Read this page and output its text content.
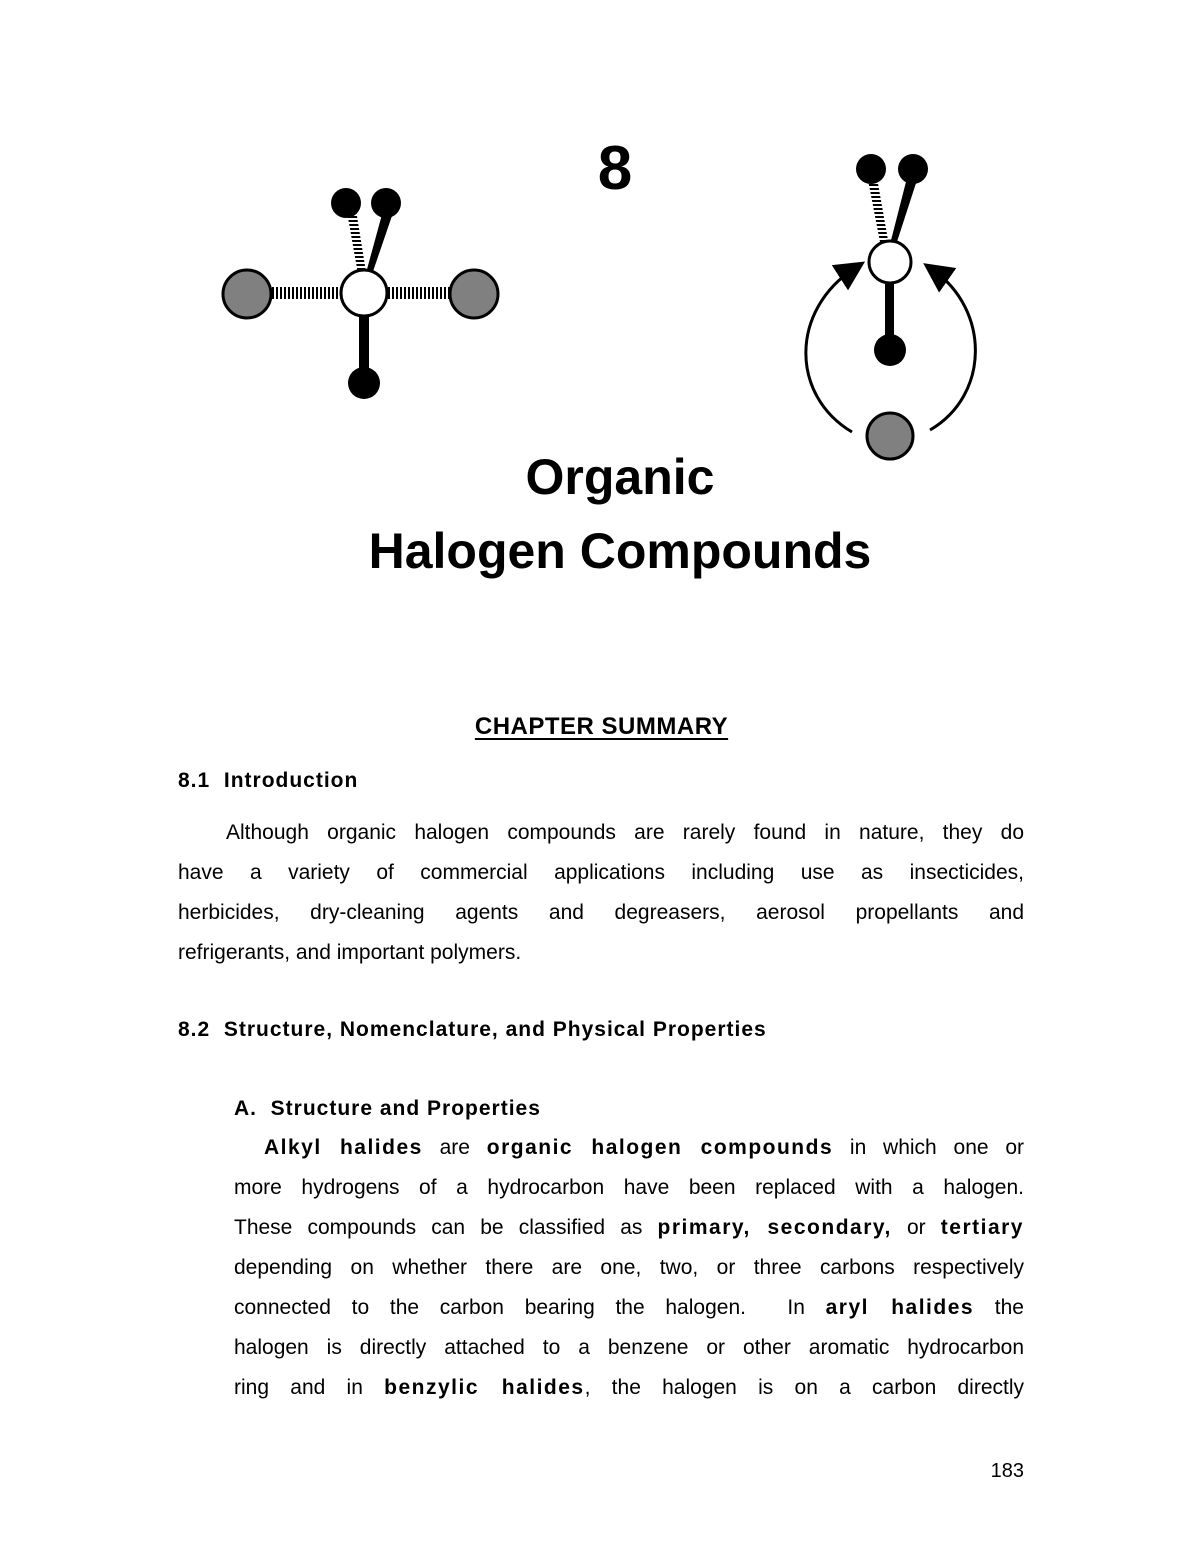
8
Organic
Halogen Compounds
CHAPTER SUMMARY
8.1  Introduction
Although organic halogen compounds are rarely found in nature, they do
have a variety of commercial applications including use as insecticides,
herbicides, dry-cleaning agents and degreasers, aerosol propellants and
refrigerants, and important polymers.
8.2  Structure, Nomenclature, and Physical Properties
A.  Structure and Properties
Alkyl halides are organic halogen compounds in which one or
more hydrogens of a hydrocarbon have been replaced with a halogen.
These compounds can be classified as primary, secondary, or tertiary
depending on whether there are one, two, or three carbons respectively
connected to the carbon bearing the halogen.  In aryl halides the
halogen is directly attached to a benzene or other aromatic hydrocarbon
ring and in benzylic halides, the halogen is on a carbon directly
183
